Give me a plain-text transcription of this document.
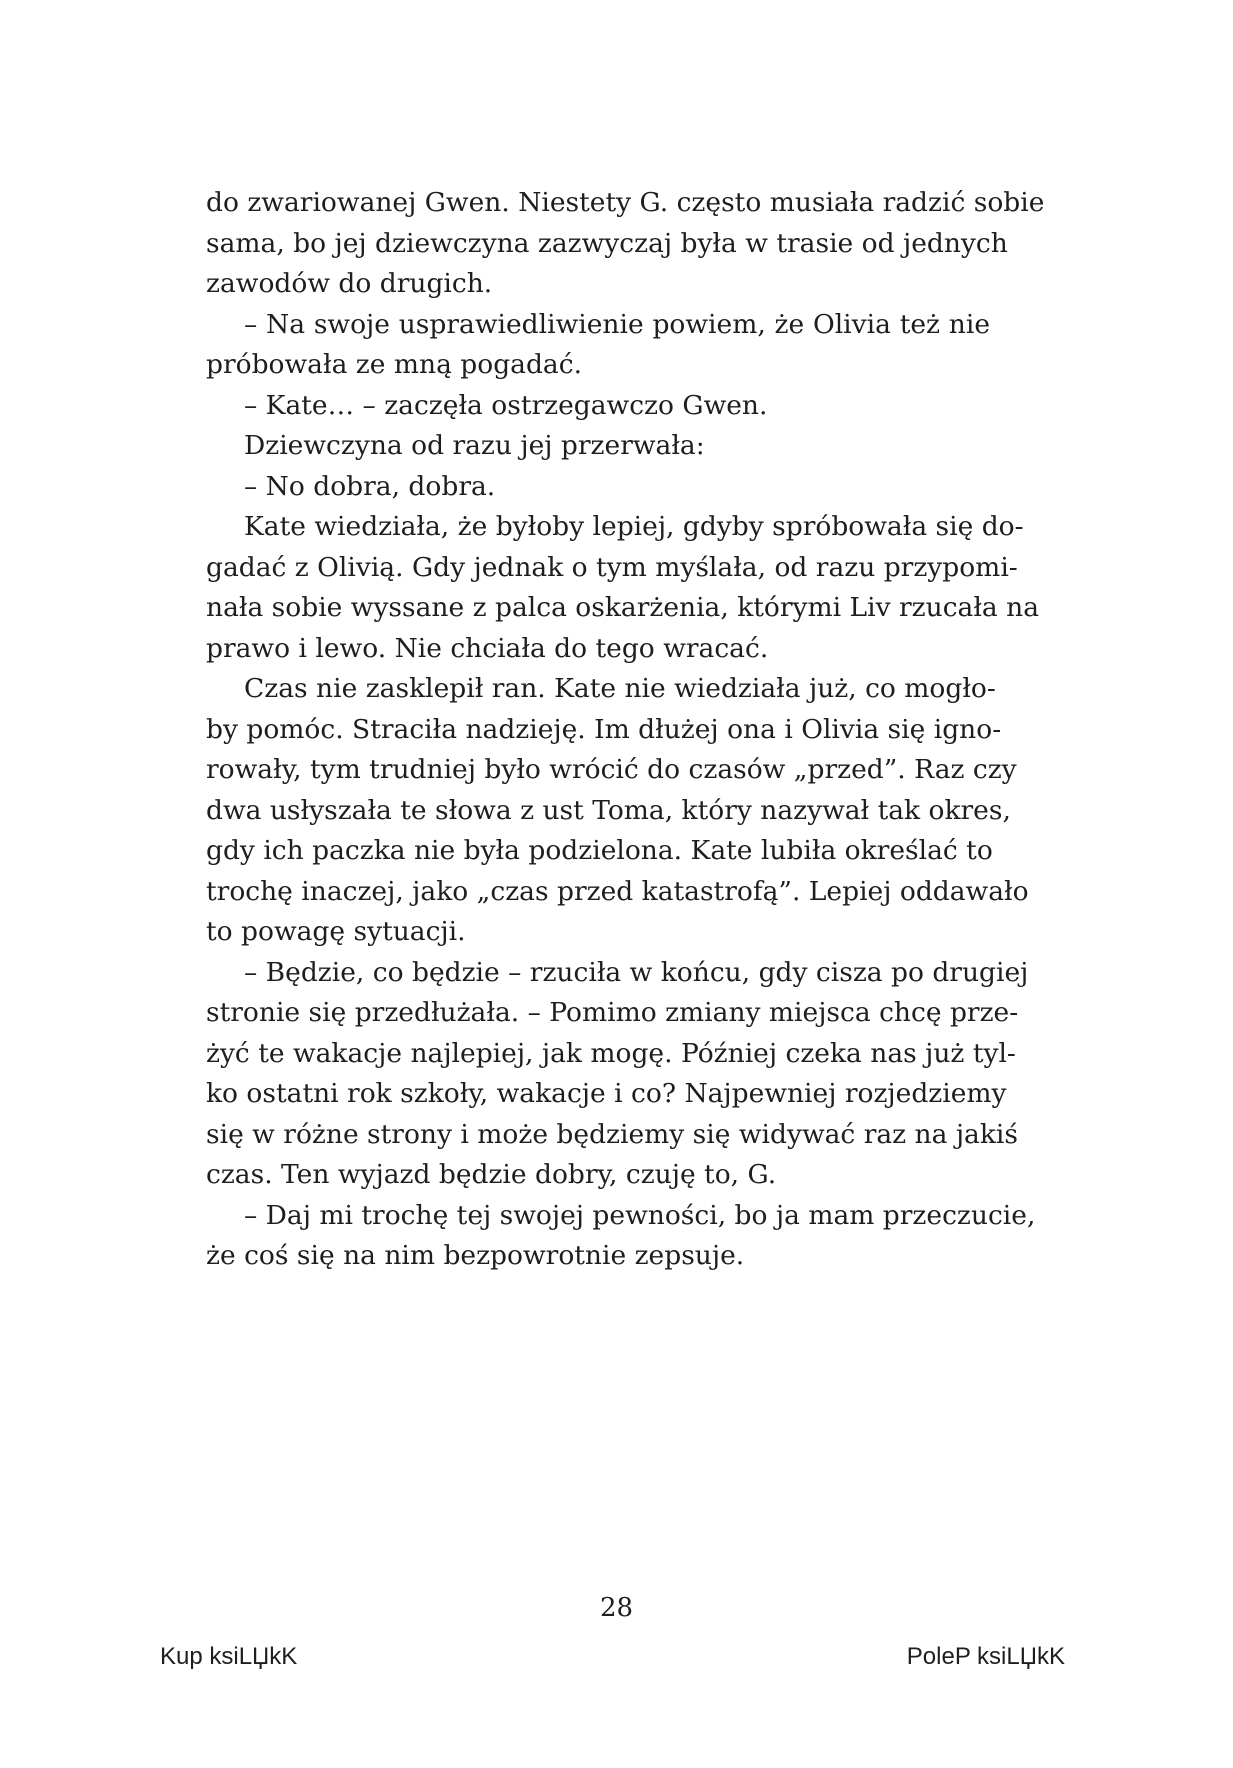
do zwariowanej Gwen. Niestety G. często musiała radzić sobie
sama, bo jej dziewczyna zazwyczaj była w trasie od jednych
zawodów do drugich.
– Na swoje usprawiedliwienie powiem, że Olivia też nie
próbowała ze mną pogadać.
– Kate… – zaczęła ostrzegawczo Gwen.
Dziewczyna od razu jej przerwała:
– No dobra, dobra.
Kate wiedziała, że byłoby lepiej, gdyby spróbowała się do-
gadać z Olivią. Gdy jednak o tym myślała, od razu przypomi-
nała sobie wyssane z palca oskarżenia, którymi Liv rzucała na
prawo i lewo. Nie chciała do tego wracać.
Czas nie zasklepił ran. Kate nie wiedziała już, co mogło-
by pomóc. Straciła nadzieję. Im dłużej ona i Olivia się igno-
rowały, tym trudniej było wrócić do czasów „przed”. Raz czy
dwa usłyszała te słowa z ust Toma, który nazywał tak okres,
gdy ich paczka nie była podzielona. Kate lubiła określać to
trochę inaczej, jako „czas przed katastrofą”. Lepiej oddawało
to powagę sytuacji.
– Będzie, co będzie – rzuciła w końcu, gdy cisza po drugiej
stronie się przedłużała. – Pomimo zmiany miejsca chcę prze-
żyć te wakacje najlepiej, jak mogę. Później czeka nas już tyl-
ko ostatni rok szkoły, wakacje i co? Najpewniej rozjedziemy
się w różne strony i może będziemy się widywać raz na jakiś
czas. Ten wyjazd będzie dobry, czuję to, G.
– Daj mi trochę tej swojej pewności, bo ja mam przeczucie,
że coś się na nim bezpowrotnie zepsuje.
28
Kup ksiLЏkK	PoleP ksiLЏkK
